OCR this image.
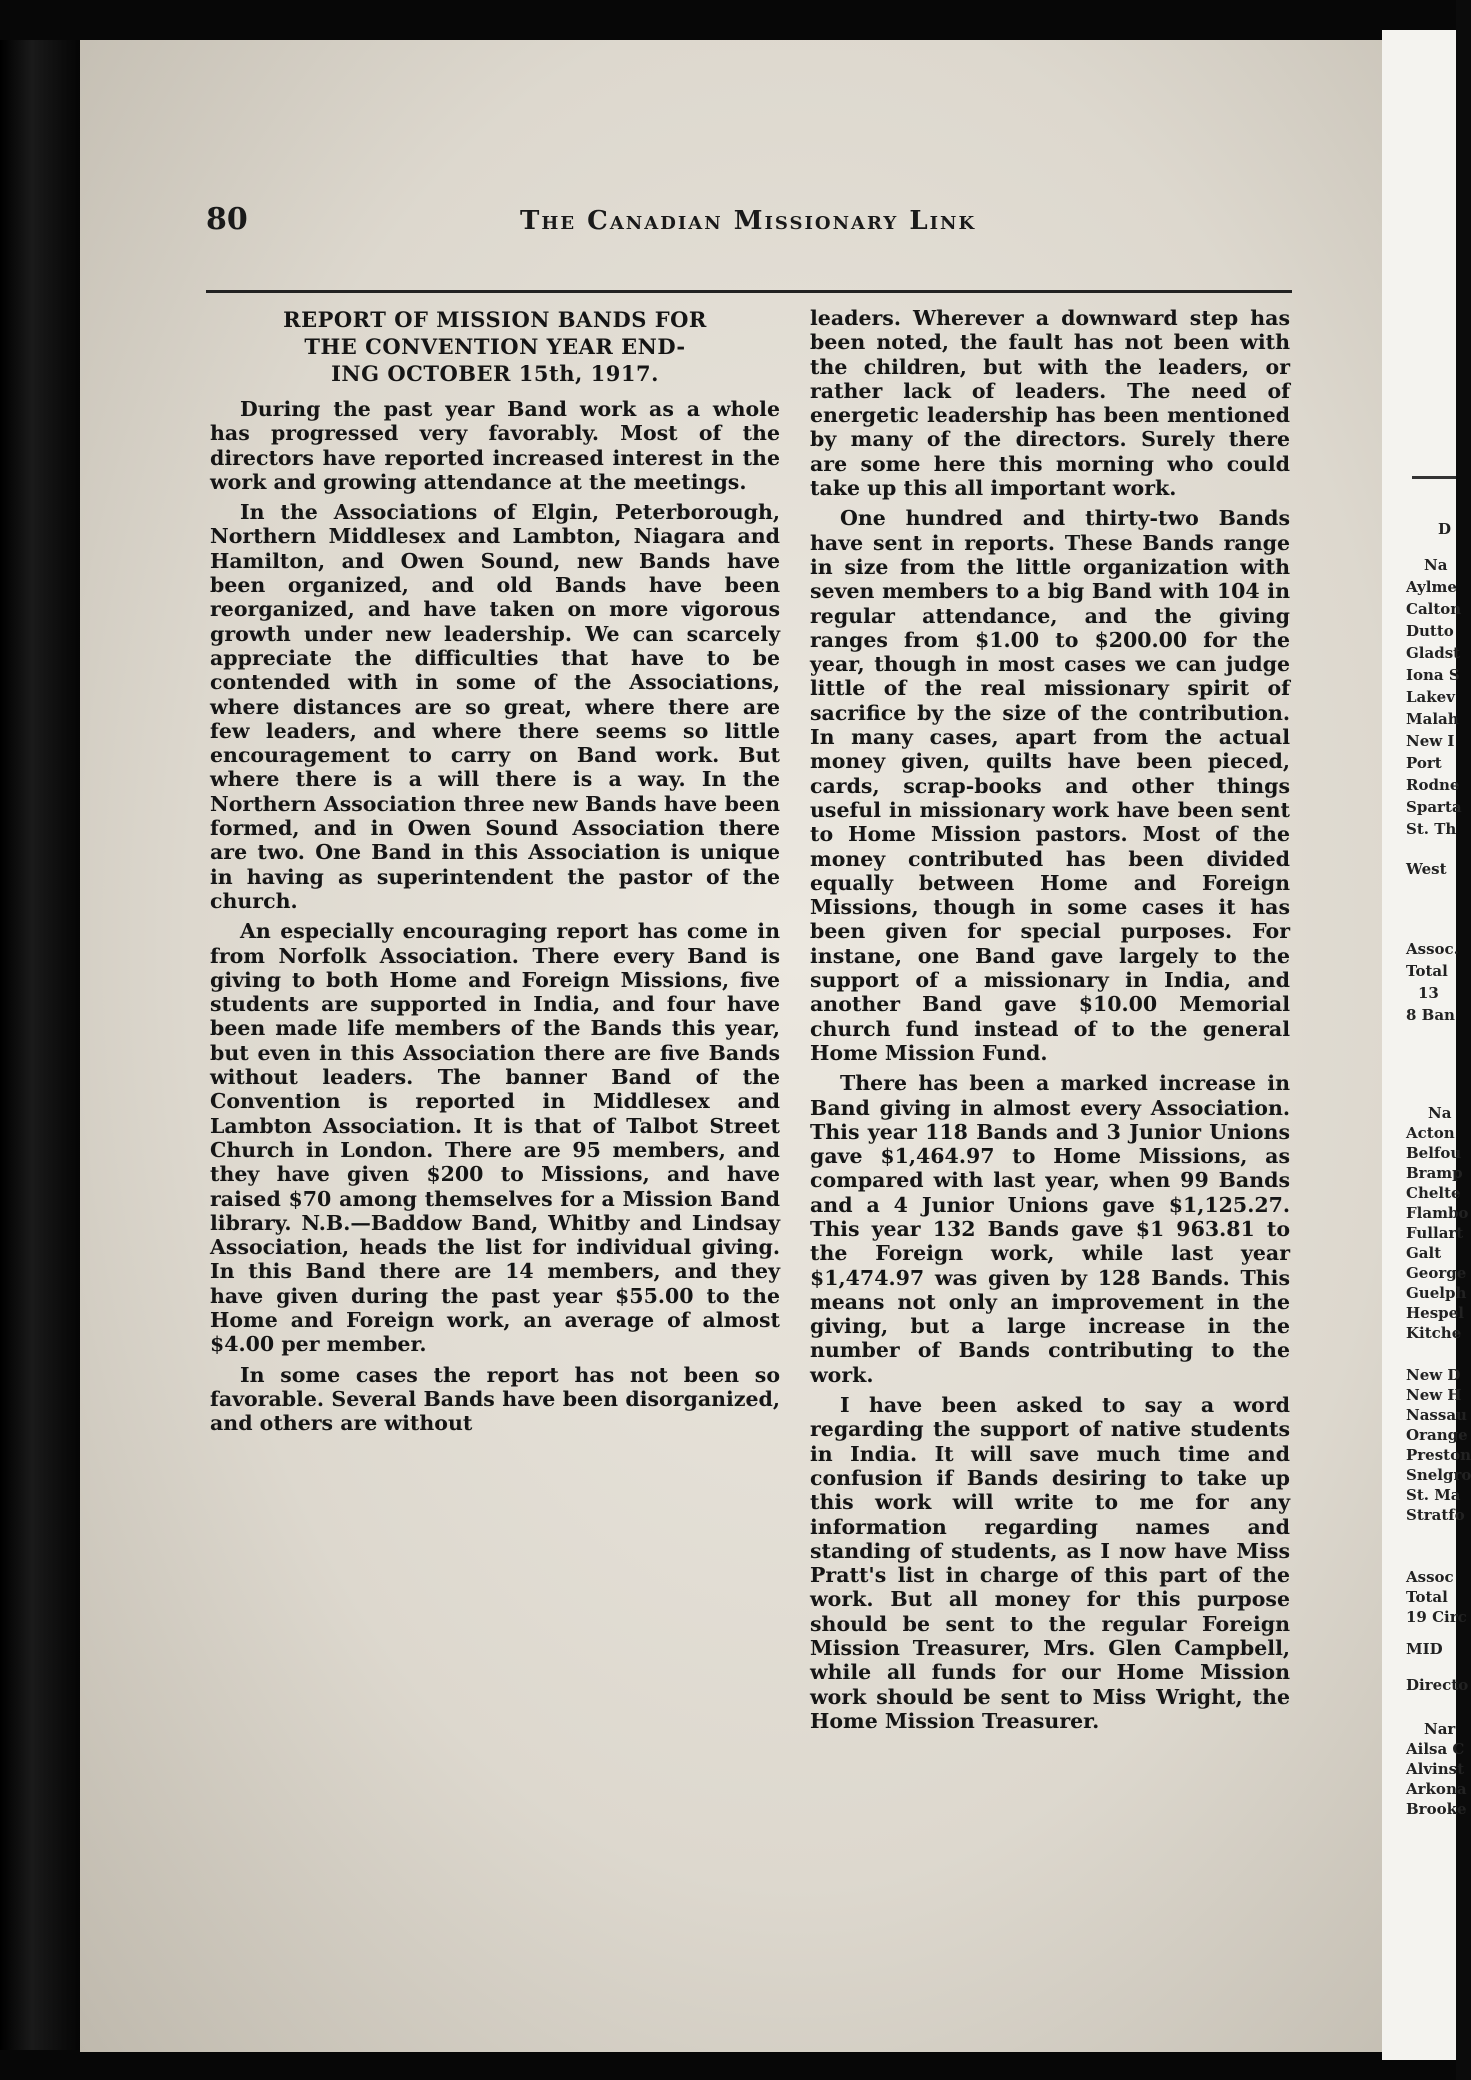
80	The Canadian Missionary Link
REPORT OF MISSION BANDS FOR
THE CONVENTION YEAR END-
ING OCTOBER 15th, 1917.

During the past year Band work as a whole has progressed very favorably. Most of the directors have reported increased interest in the work and growing attendance at the meetings.

In the Associations of Elgin, Peterborough, Northern Middlesex and Lambton, Niagara and Hamilton, and Owen Sound, new Bands have been organized, and old Bands have been reorganized, and have taken on more vigorous growth under new leadership. We can scarcely appreciate the difficulties that have to be contended with in some of the Associations, where distances are so great, where there are few leaders, and where there seems so little encouragement to carry on Band work. But where there is a will there is a way. In the Northern Association three new Bands have been formed, and in Owen Sound Association there are two. One Band in this Association is unique in having as superintendent the pastor of the church.

An especially encouraging report has come in from Norfolk Association. There every Band is giving to both Home and Foreign Missions, five students are supported in India, and four have been made life members of the Bands this year, but even in this Association there are five Bands without leaders. The banner Band of the Convention is reported in Middlesex and Lambton Association. It is that of Talbot Street Church in London. There are 95 members, and they have given $200 to Missions, and have raised $70 among themselves for a Mission Band library. N.B.—Baddow Band, Whitby and Lindsay Association, heads the list for individual giving. In this Band there are 14 members, and they have given during the past year $55.00 to the Home and Foreign work, an average of almost $4.00 per member.

In some cases the report has not been so favorable. Several Bands have been disorganized, and others are without

leaders. Wherever a downward step has been noted, the fault has not been with the children, but with the leaders, or rather lack of leaders. The need of energetic leadership has been mentioned by many of the directors. Surely there are some here this morning who could take up this all important work.

One hundred and thirty-two Bands have sent in reports. These Bands range in size from the little organization with seven members to a big Band with 104 in regular attendance, and the giving ranges from $1.00 to $200.00 for the year, though in most cases we can judge little of the real missionary spirit of sacrifice by the size of the contribution. In many cases, apart from the actual money given, quilts have been pieced, cards, scrap-books and other things useful in missionary work have been sent to Home Mission pastors. Most of the money contributed has been divided equally between Home and Foreign Missions, though in some cases it has been given for special purposes. For instane, one Band gave largely to the support of a missionary in India, and another Band gave $10.00 Memorial church fund instead of to the general Home Mission Fund.

There has been a marked increase in Band giving in almost every Association. This year 118 Bands and 3 Junior Unions gave $1,464.97 to Home Missions, as compared with last year, when 99 Bands and a 4 Junior Unions gave $1,125.27. This year 132 Bands gave $1 963.81 to the Foreign work, while last year $1,474.97 was given by 128 Bands. This means not only an improvement in the giving, but a large increase in the number of Bands contributing to the work.

I have been asked to say a word regarding the support of native students in India. It will save much time and confusion if Bands desiring to take up this work will write to me for any information regarding names and standing of students, as I now have Miss Pratt's list in charge of this part of the work. But all money for this purpose should be sent to the regular Foreign Mission Treasurer, Mrs. Glen Campbell, while all funds for our Home Mission work should be sent to Miss Wright, the Home Mission Treasurer.

D
Na
Aylme
Calton
Dutto
Gladst
Iona S
Lakev
Malah
New I
Port
Rodne
Sparta
St. Th
West
Assoc.
Total
13
8 Ban
Na
Acton
Belfou
Bramp
Chelte
Flambo
Fullart
Galt
George
Guelph
Hespel
Kitche
New D
New H
Nassau
Orange
Preston
Snelgro
St. Ma
Stratfo
Assoc
Total
19 Circ
MID
Directo
Nar
Ailsa C
Alvinst
Arkona
Brooke
